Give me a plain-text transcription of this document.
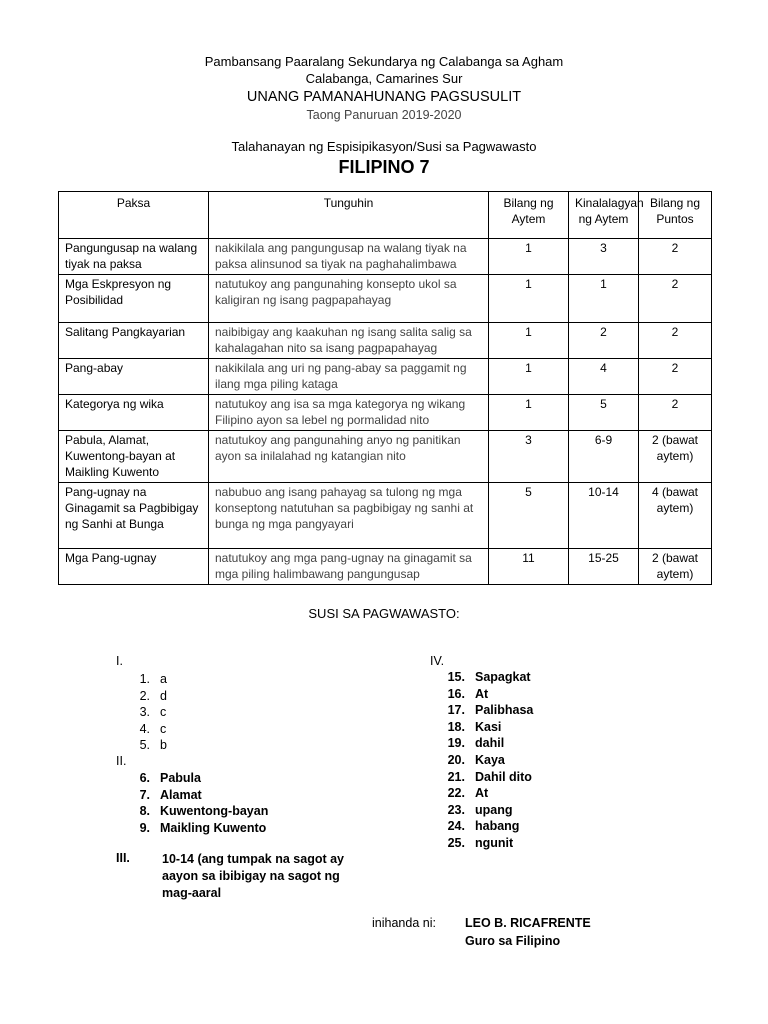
Pambansang Paaralang Sekundarya ng Calabanga sa Agham
Calabanga, Camarines Sur
UNANG PAMANAHUNANG PAGSUSULIT
Taong Panuruan 2019-2020
Talahanayan ng Espisipikasyon/Susi sa Pagwawasto
FILIPINO 7
Paksa	Tunguhin	Bilang ng Aytem	Kinalalagyan ng Aytem	Bilang ng Puntos
Pangungusap na walang tiyak na paksa	nakikilala ang pangungusap na walang tiyak na paksa alinsunod sa tiyak na paghahalimbawa	1	3	2
Mga Eskpresyon ng Posibilidad	natutukoy ang pangunahing konsepto ukol sa kaligiran ng isang pagpapahayag	1	1	2
Salitang Pangkayarian	naibibigay ang kaakuhan ng isang salita salig sa kahalagahan nito sa isang pagpapahayag	1	2	2
Pang-abay	nakikilala ang uri ng pang-abay sa paggamit ng ilang mga piling kataga	1	4	2
Kategorya ng wika	natutukoy ang isa sa mga kategorya ng wikang Filipino ayon sa lebel ng pormalidad nito	1	5	2
Pabula, Alamat, Kuwentong-bayan at Maikling Kuwento	natutukoy ang pangunahing anyo ng panitikan ayon sa inilalahad ng katangian nito	3	6-9	2 (bawat aytem)
Pang-ugnay na Ginagamit sa Pagbibigay ng Sanhi at Bunga	nabubuo ang isang pahayag sa tulong ng mga konseptong natutuhan sa pagbibigay ng sanhi at bunga ng mga pangyayari	5	10-14	4 (bawat aytem)
Mga Pang-ugnay	natutukoy ang mga pang-ugnay na ginagamit sa mga piling halimbawang pangungusap	11	15-25	2 (bawat aytem)
SUSI SA PAGWAWASTO:
I.
1. a
2. d
3. c
4. c
5. b
II.
6. Pabula
7. Alamat
8. Kuwentong-bayan
9. Maikling Kuwento
III.	10-14 (ang tumpak na sagot ay aayon sa ibibigay na sagot ng mag-aaral
IV.
15. Sapagkat
16. At
17. Palibhasa
18. Kasi
19. dahil
20. Kaya
21. Dahil dito
22. At
23. upang
24. habang
25. ngunit
inihanda ni: LEO B. RICAFRENTE
Guro sa Filipino
